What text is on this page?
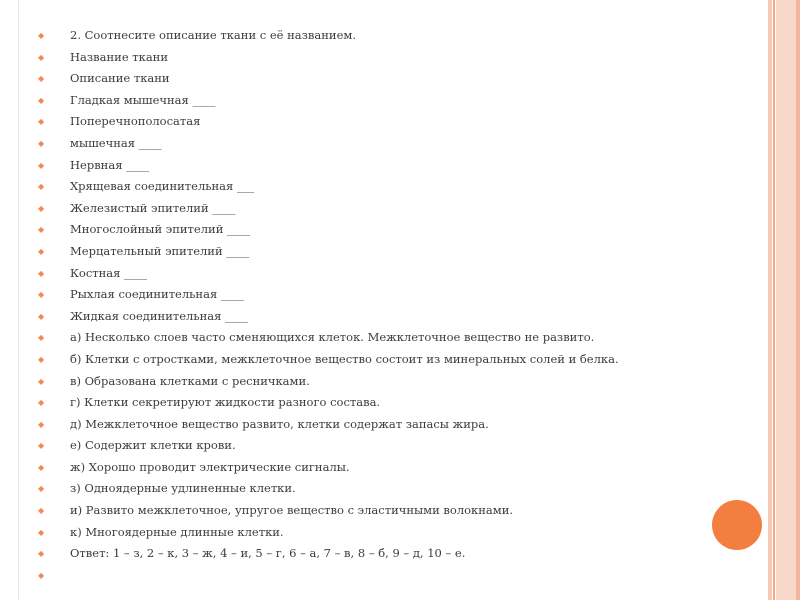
◆ 2. Соотнесите описание ткани с её названием.
◆ Название ткани
◆ Описание ткани
◆ Гладкая мышечная ____
◆ Поперечнополосатая
◆ мышечная ____
◆ Нервная ____
◆ Хрящевая соединительная ___
◆ Железистый эпителий ____
◆ Многослойный эпителий ____
◆ Мерцательный эпителий ____
◆ Костная ____
◆ Рыхлая соединительная ____
◆ Жидкая соединительная ____
◆ а) Несколько слоев часто сменяющихся клеток. Межклеточное вещество не развито.
◆ б) Клетки с отростками, межклеточное вещество состоит из минеральных солей и белка.
◆ в) Образована клетками с ресничками.
◆ г) Клетки секретируют жидкости разного состава.
◆ д) Межклеточное вещество развито, клетки содержат запасы жира.
◆ е) Содержит клетки крови.
◆ ж) Хорошо проводит электрические сигналы.
◆ з) Одноядерные удлиненные клетки.
◆ и) Развито межклеточное, упругое вещество с эластичными волокнами.
◆ к) Многоядерные длинные клетки.
◆ Ответ: 1 – з, 2 – к, 3 – ж, 4 – и, 5 – г, 6 – а, 7 – в, 8 – б, 9 – д, 10 – е.
◆
